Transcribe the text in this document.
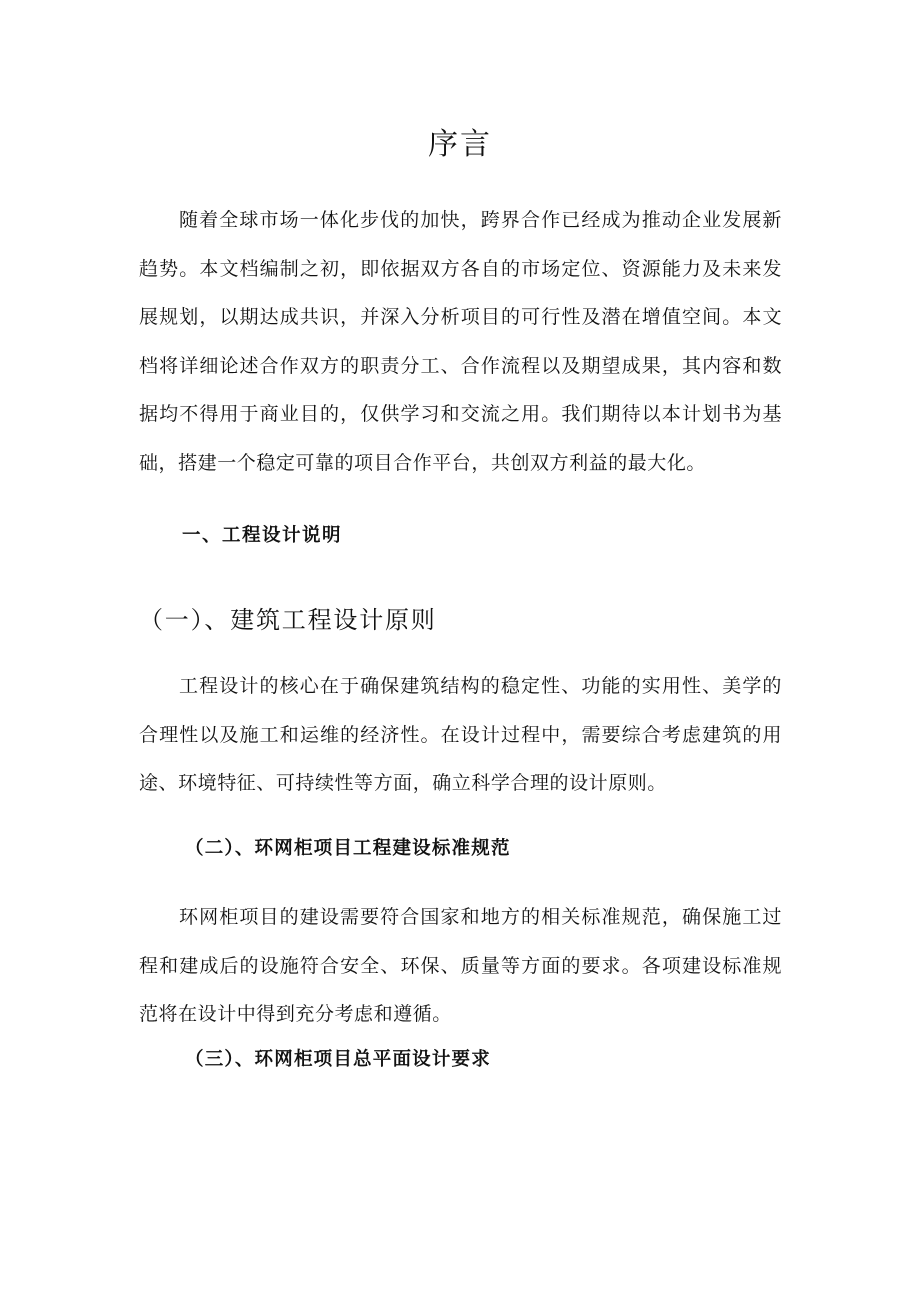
序言

随着全球市场一体化步伐的加快，跨界合作已经成为推动企业发展新趋势。本文档编制之初，即依据双方各自的市场定位、资源能力及未来发展规划，以期达成共识，并深入分析项目的可行性及潜在增值空间。本文档将详细论述合作双方的职责分工、合作流程以及期望成果，其内容和数据均不得用于商业目的，仅供学习和交流之用。我们期待以本计划书为基础，搭建一个稳定可靠的项目合作平台，共创双方利益的最大化。

一、工程设计说明
（一）、建筑工程设计原则

工程设计的核心在于确保建筑结构的稳定性、功能的实用性、美学的合理性以及施工和运维的经济性。在设计过程中，需要综合考虑建筑的用途、环境特征、可持续性等方面，确立科学合理的设计原则。

（二）、环网柜项目工程建设标准规范

环网柜项目的建设需要符合国家和地方的相关标准规范，确保施工过程和建成后的设施符合安全、环保、质量等方面的要求。各项建设标准规范将在设计中得到充分考虑和遵循。

（三）、环网柜项目总平面设计要求
